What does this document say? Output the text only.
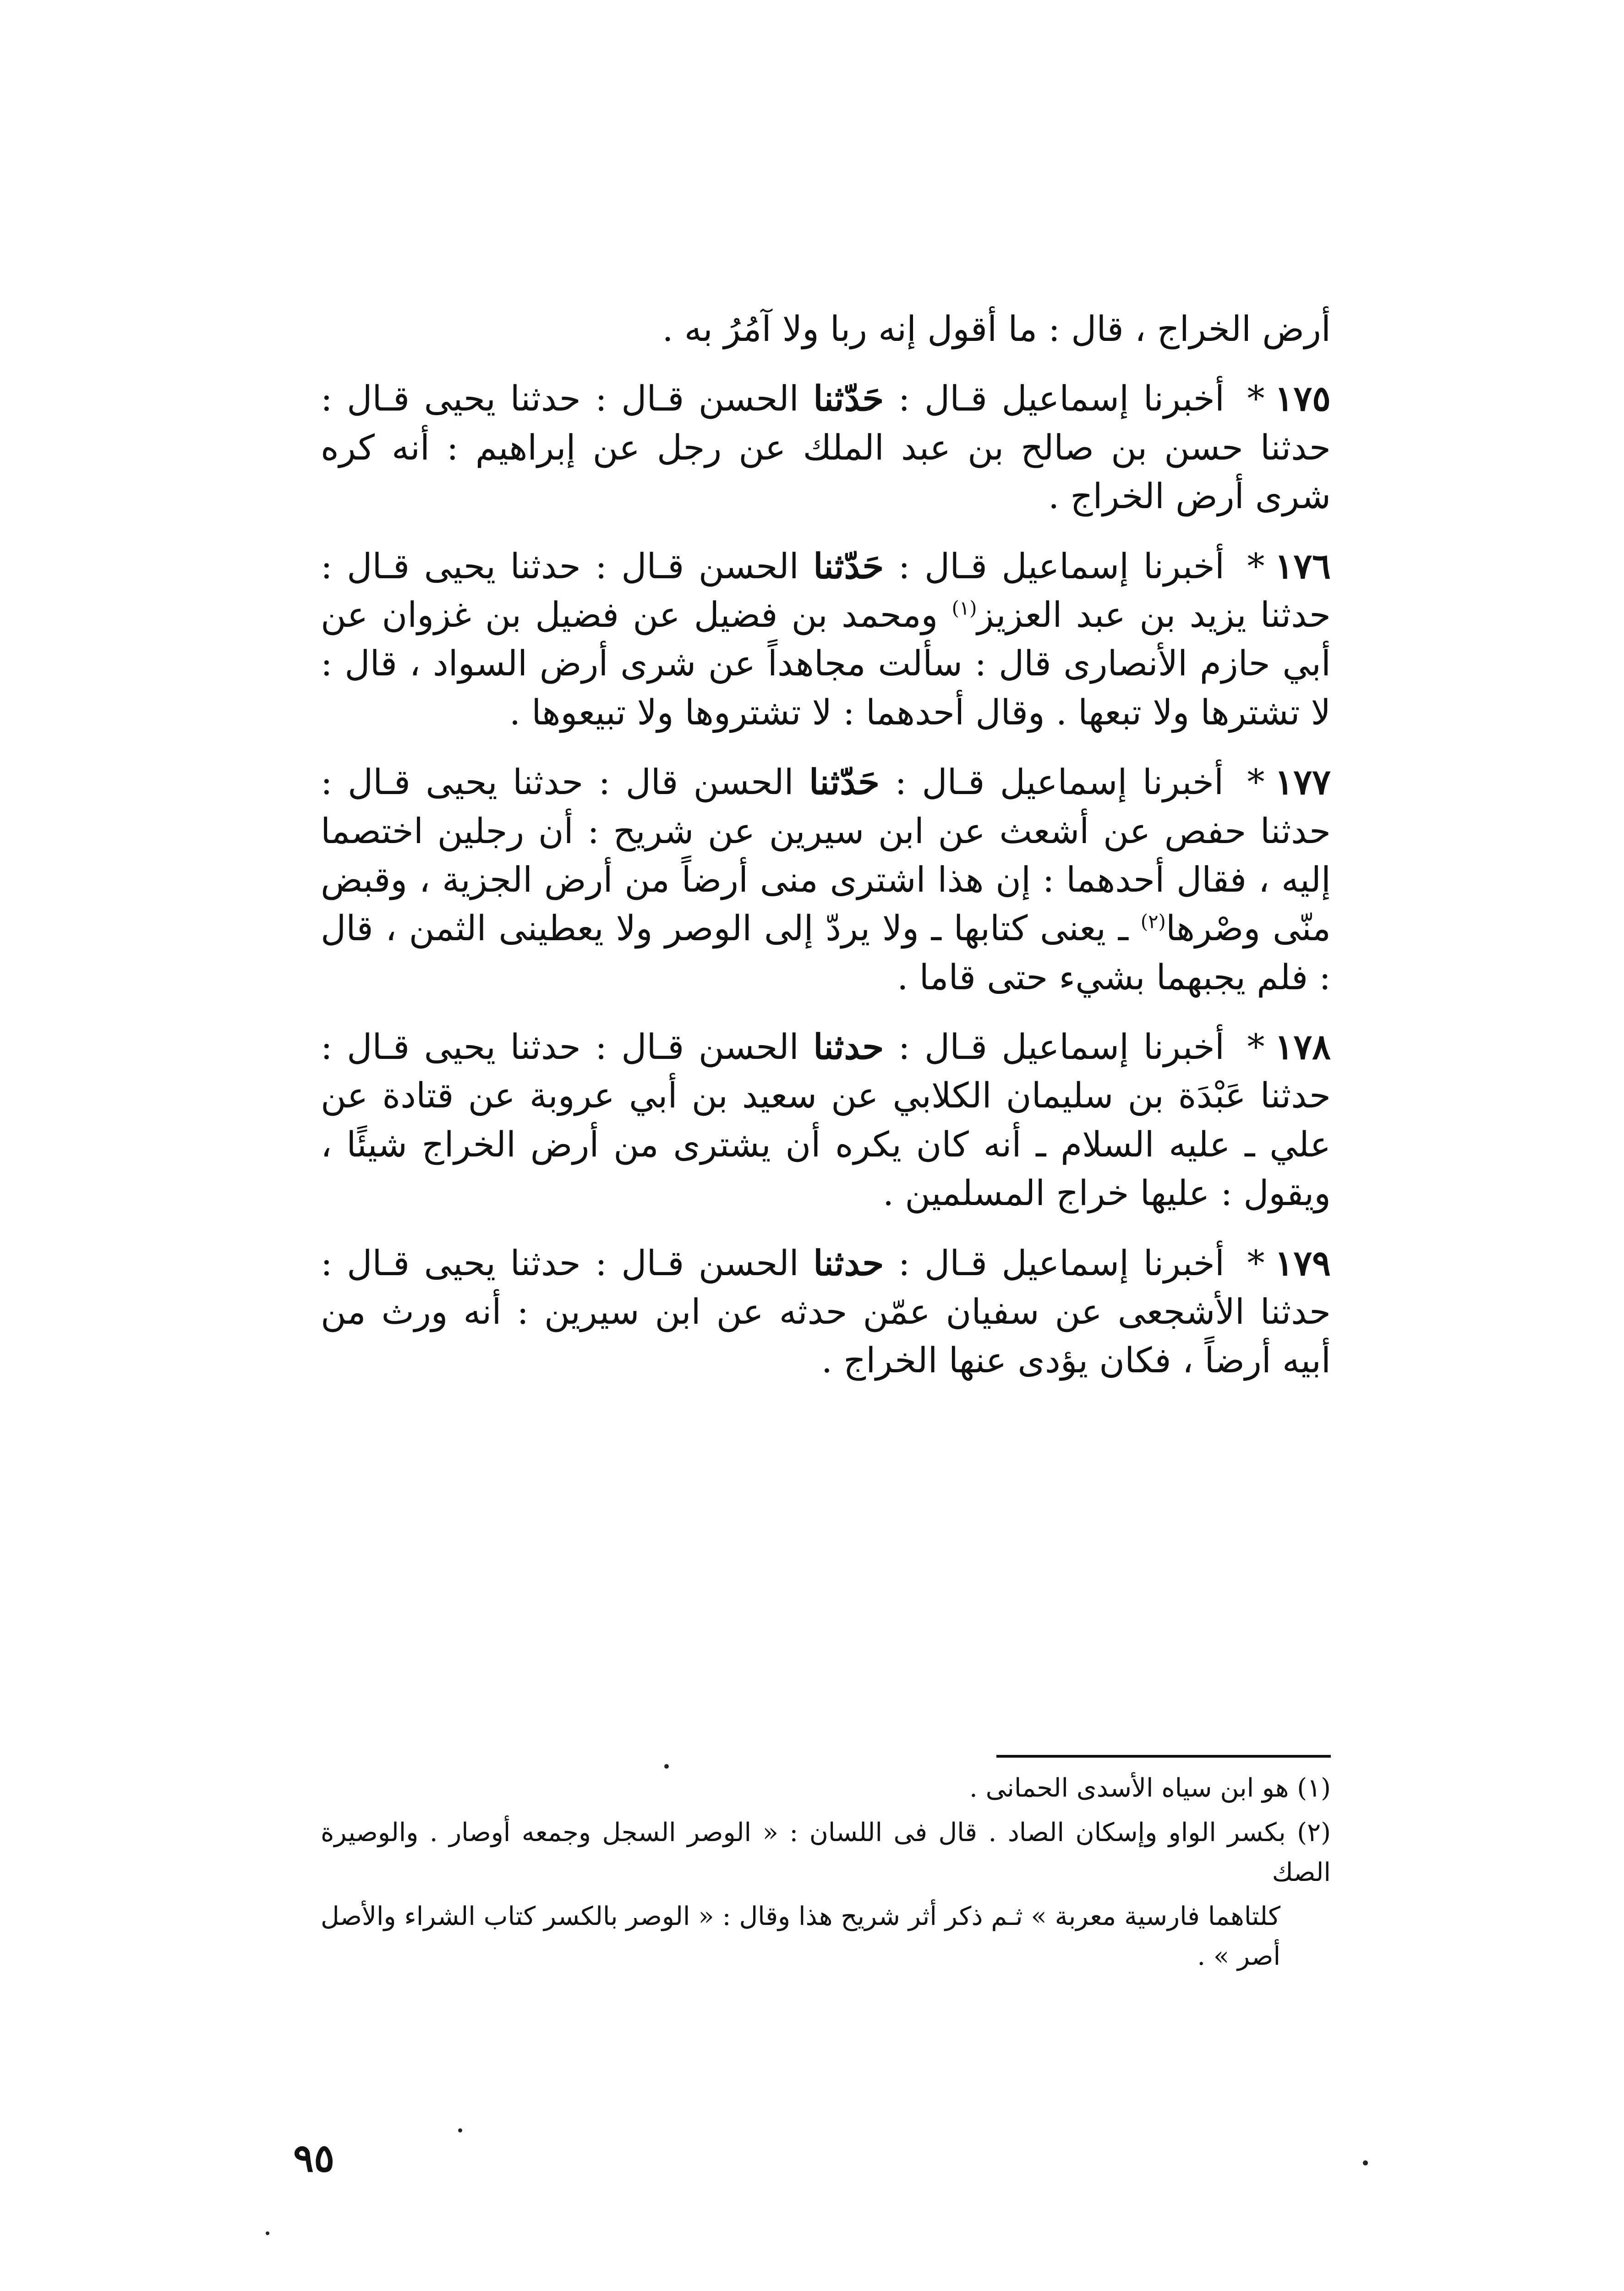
أرض الخراج ، قال : ما أقول إنه ربا ولا آمُرُ به .

١٧٥* أخبرنا إسماعيل قـال : حَدّثنا الحسن قـال : حدثنا يحيى قـال : حدثنا حسن بن صالح بن عبد الملك عن رجل عن إبراهيم : أنه كره شرى أرض الخراج .

١٧٦* أخبرنا إسماعيل قـال : حَدّثنا الحسن قـال : حدثنا يحيى قـال : حدثنا يزيد بن عبد العزيز$^{(١)}$ ومحمد بن فضيل عن فضيل بن غزوان عن أبي حازم الأنصارى قال : سألت مجاهداً عن شرى أرض السواد ، قال : لا تشترها ولا تبعها . وقال أحدهما : لا تشتروها ولا تبيعوها .

١٧٧* أخبرنا إسماعيل قـال : حَدّثنا الحسن قال : حدثنا يحيى قـال : حدثنا حفص عن أشعث عن ابن سيرين عن شريح : أن رجلين اختصما إليه ، فقال أحدهما : إن هذا اشترى منى أرضاً من أرض الجزية ، وقبض منّى وصْرها$^{(٢)}$ ـ يعنى كتابها ـ ولا يردّ إلى الوصر ولا يعطينى الثمن ، قال : فلم يجبهما بشيء حتى قاما .

١٧٨* أخبرنا إسماعيل قـال : حدثنا الحسن قـال : حدثنا يحيى قـال : حدثنا عَبْدَة بن سليمان الكلابي عن سعيد بن أبي عروبة عن قتادة عن علي ـ عليه السلام ـ أنه كان يكره أن يشترى من أرض الخراج شيئًا ، ويقول : عليها خراج المسلمين .

١٧٩* أخبرنا إسماعيل قـال : حدثنا الحسن قـال : حدثنا يحيى قـال : حدثنا الأشجعى عن سفيان عمّن حدثه عن ابن سيرين : أنه ورث من أبيه أرضاً ، فكان يؤدى عنها الخراج .

(١) هو ابن سياه الأسدى الحمانى .

(٢) بكسر الواو وإسكان الصاد . قال فى اللسان : « الوصر السجل وجمعه أوصار . والوصيرة الصك

كلتاهما فارسية معربة » ثـم ذكر أثر شريح هذا وقال : « الوصر بالكسر كتاب الشراء والأصل أصر » .

٩٥
